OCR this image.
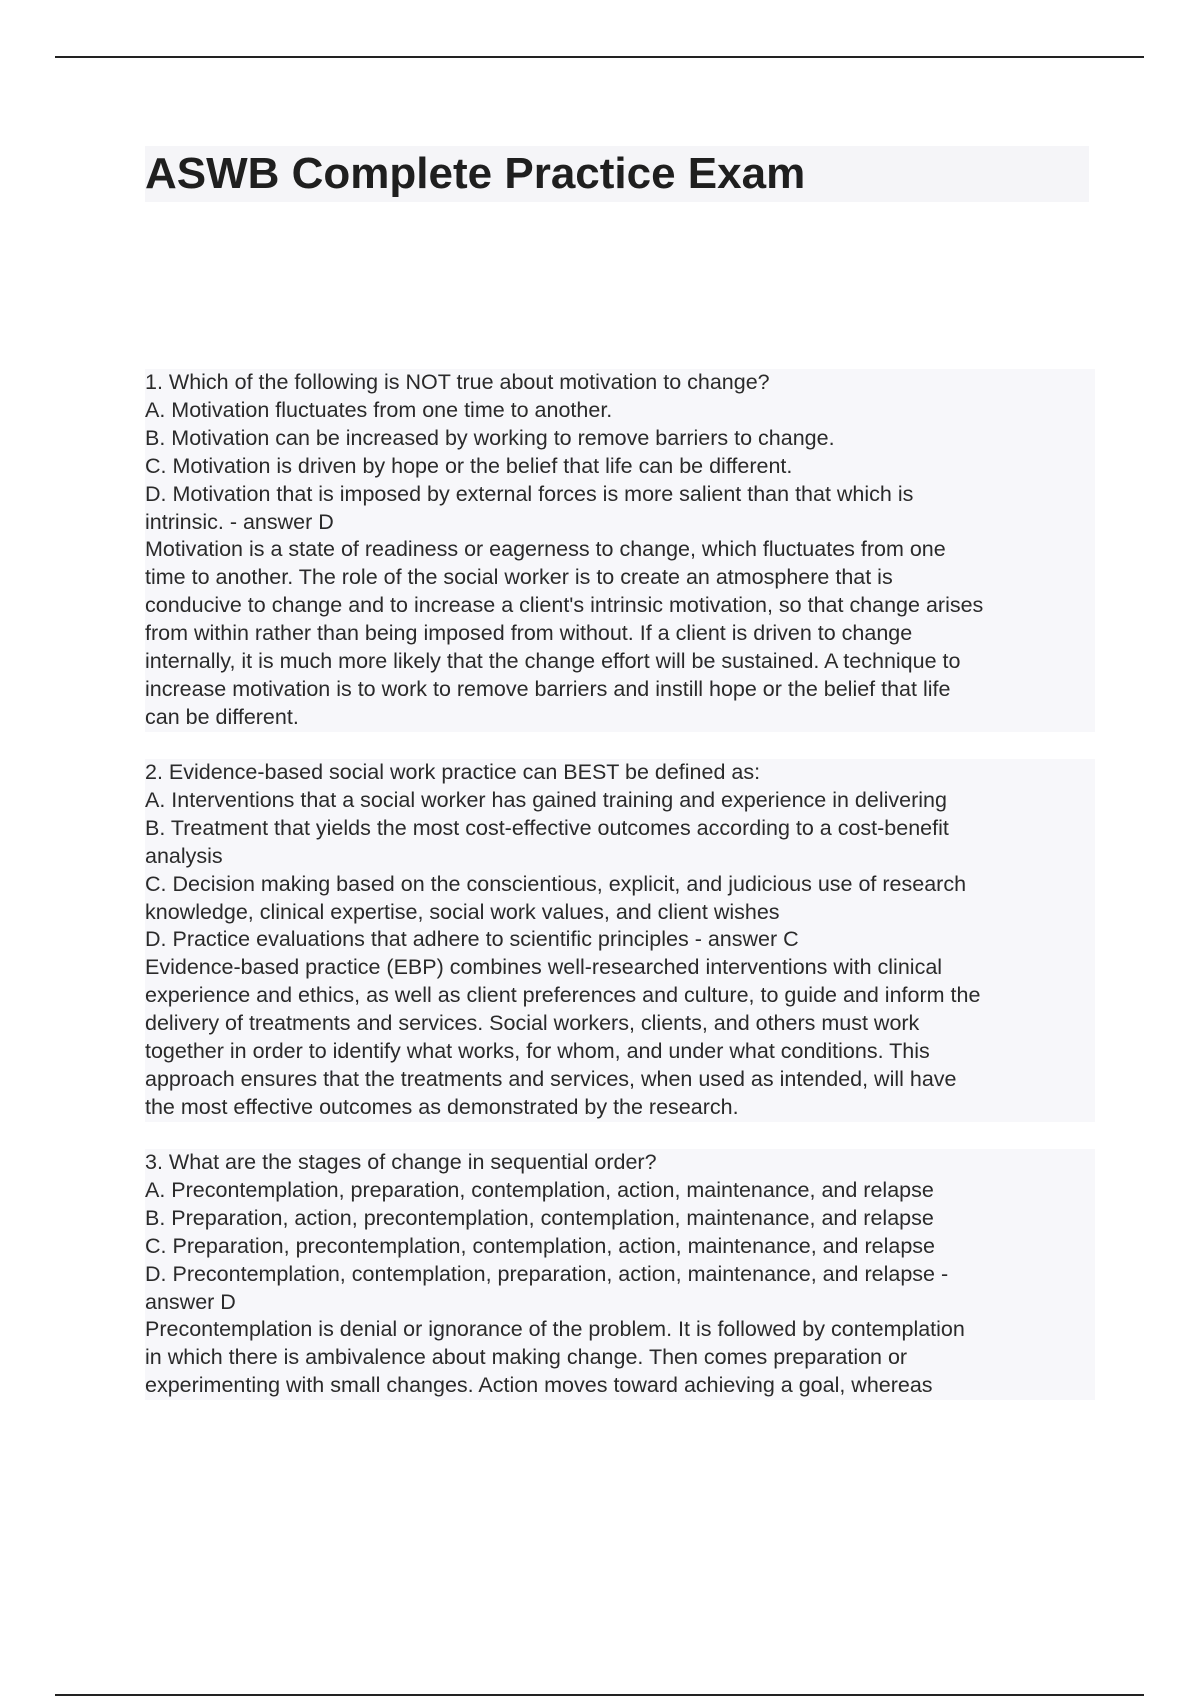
ASWB Complete Practice Exam
1. Which of the following is NOT true about motivation to change?
A. Motivation fluctuates from one time to another.
B. Motivation can be increased by working to remove barriers to change.
C. Motivation is driven by hope or the belief that life can be different.
D. Motivation that is imposed by external forces is more salient than that which is
intrinsic. - answer D
Motivation is a state of readiness or eagerness to change, which fluctuates from one
time to another. The role of the social worker is to create an atmosphere that is
conducive to change and to increase a client's intrinsic motivation, so that change arises
from within rather than being imposed from without. If a client is driven to change
internally, it is much more likely that the change effort will be sustained. A technique to
increase motivation is to work to remove barriers and instill hope or the belief that life
can be different.
2. Evidence-based social work practice can BEST be defined as:
A. Interventions that a social worker has gained training and experience in delivering
B. Treatment that yields the most cost-effective outcomes according to a cost-benefit
analysis
C. Decision making based on the conscientious, explicit, and judicious use of research
knowledge, clinical expertise, social work values, and client wishes
D. Practice evaluations that adhere to scientific principles - answer C
Evidence-based practice (EBP) combines well-researched interventions with clinical
experience and ethics, as well as client preferences and culture, to guide and inform the
delivery of treatments and services. Social workers, clients, and others must work
together in order to identify what works, for whom, and under what conditions. This
approach ensures that the treatments and services, when used as intended, will have
the most effective outcomes as demonstrated by the research.
3. What are the stages of change in sequential order?
A. Precontemplation, preparation, contemplation, action, maintenance, and relapse
B. Preparation, action, precontemplation, contemplation, maintenance, and relapse
C. Preparation, precontemplation, contemplation, action, maintenance, and relapse
D. Precontemplation, contemplation, preparation, action, maintenance, and relapse -
answer D
Precontemplation is denial or ignorance of the problem. It is followed by contemplation
in which there is ambivalence about making change. Then comes preparation or
experimenting with small changes. Action moves toward achieving a goal, whereas
